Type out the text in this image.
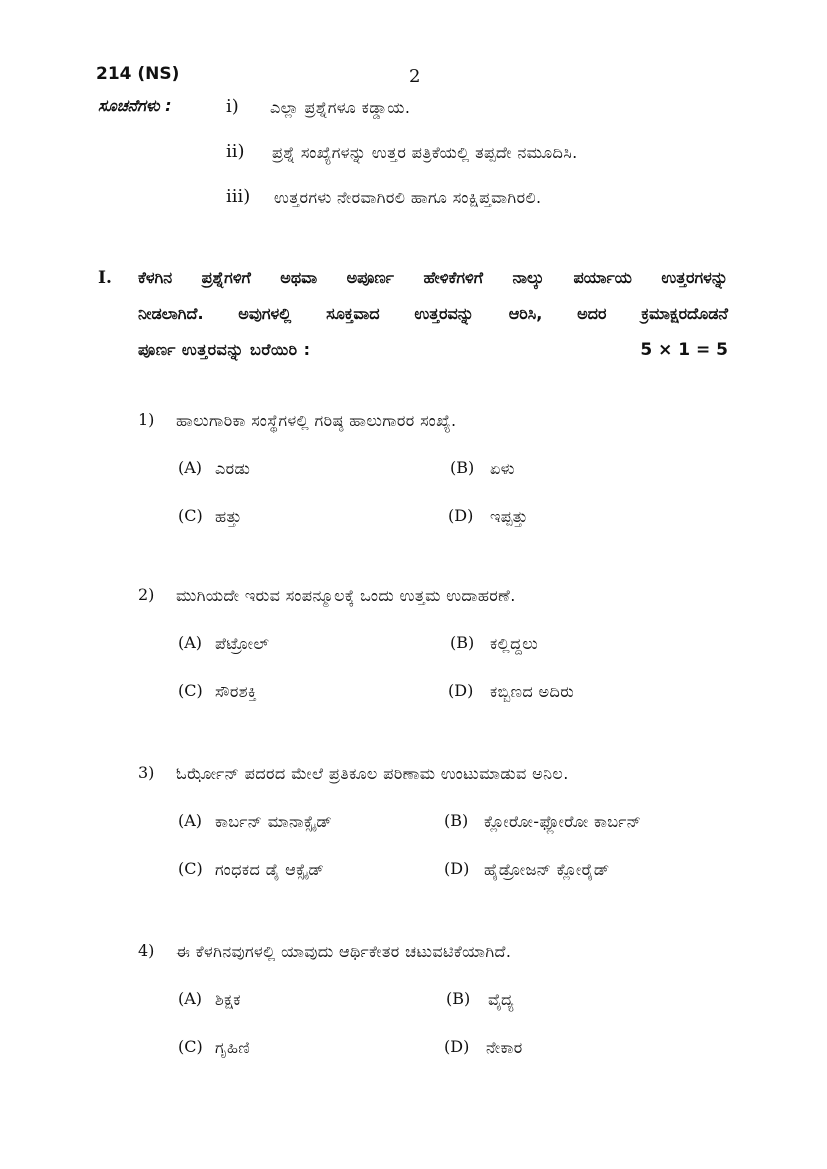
214 (NS)	2
ಸೂಚನೆಗಳು :	i) ಎಲ್ಲಾ ಪ್ರಶ್ನೆಗಳೂ ಕಡ್ಡಾಯ.
ii) ಪ್ರಶ್ನೆ ಸಂಖ್ಯೆಗಳನ್ನು ಉತ್ತರ ಪತ್ರಿಕೆಯಲ್ಲಿ ತಪ್ಪದೇ ನಮೂದಿಸಿ.
iii) ಉತ್ತರಗಳು ನೇರವಾಗಿರಲಿ ಹಾಗೂ ಸಂಕ್ಷಿಪ್ತವಾಗಿರಲಿ.
I. ಕೆಳಗಿನ ಪ್ರಶ್ನೆಗಳಿಗೆ ಅಥವಾ ಅಪೂರ್ಣ ಹೇಳಿಕೆಗಳಿಗೆ ನಾಲ್ಕು ಪರ್ಯಾಯ ಉತ್ತರಗಳನ್ನು
ನೀಡಲಾಗಿದೆ. ಅವುಗಳಲ್ಲಿ ಸೂಕ್ತವಾದ ಉತ್ತರವನ್ನು ಆರಿಸಿ, ಅದರ ಕ್ರಮಾಕ್ಷರದೊಡನೆ
ಪೂರ್ಣ ಉತ್ತರವನ್ನು ಬರೆಯಿರಿ :	5 × 1 = 5
1) ಹಾಲುಗಾರಿಕಾ ಸಂಸ್ಥೆಗಳಲ್ಲಿ ಗರಿಷ್ಠ ಹಾಲುಗಾರರ ಸಂಖ್ಯೆ.
(A) ಎರಡು	(B) ಏಳು
(C) ಹತ್ತು	(D) ಇಪ್ಪತ್ತು
2) ಮುಗಿಯದೇ ಇರುವ ಸಂಪನ್ಮೂಲಕ್ಕೆ ಒಂದು ಉತ್ತಮ ಉದಾಹರಣೆ.
(A) ಪೆಟ್ರೋಲ್	(B) ಕಲ್ಲಿದ್ದಲು
(C) ಸೌರಶಕ್ತಿ	(D) ಕಬ್ಬಿಣದ ಅದಿರು
3) ಓರ್ಝೋನ್ ಪದರದ ಮೇಲೆ ಪ್ರತಿಕೂಲ ಪರಿಣಾಮ ಉಂಟುಮಾಡುವ ಅನಿಲ.
(A) ಕಾರ್ಬನ್ ಮಾನಾಕ್ಸೈಡ್	(B) ಕ್ಲೋರೋ-ಫ್ಲೋರೋ ಕಾರ್ಬನ್
(C) ಗಂಧಕದ ಡೈ ಆಕ್ಸೈಡ್	(D) ಹೈಡ್ರೋಜನ್ ಕ್ಲೋರೈಡ್
4) ಈ ಕೆಳಗಿನವುಗಳಲ್ಲಿ ಯಾವುದು ಆರ್ಥಿಕೇತರ ಚಟುವಟಿಕೆಯಾಗಿದೆ.
(A) ಶಿಕ್ಷಕ	(B) ವೈದ್ಯ
(C) ಗೃಹಿಣಿ	(D) ನೇಕಾರ
